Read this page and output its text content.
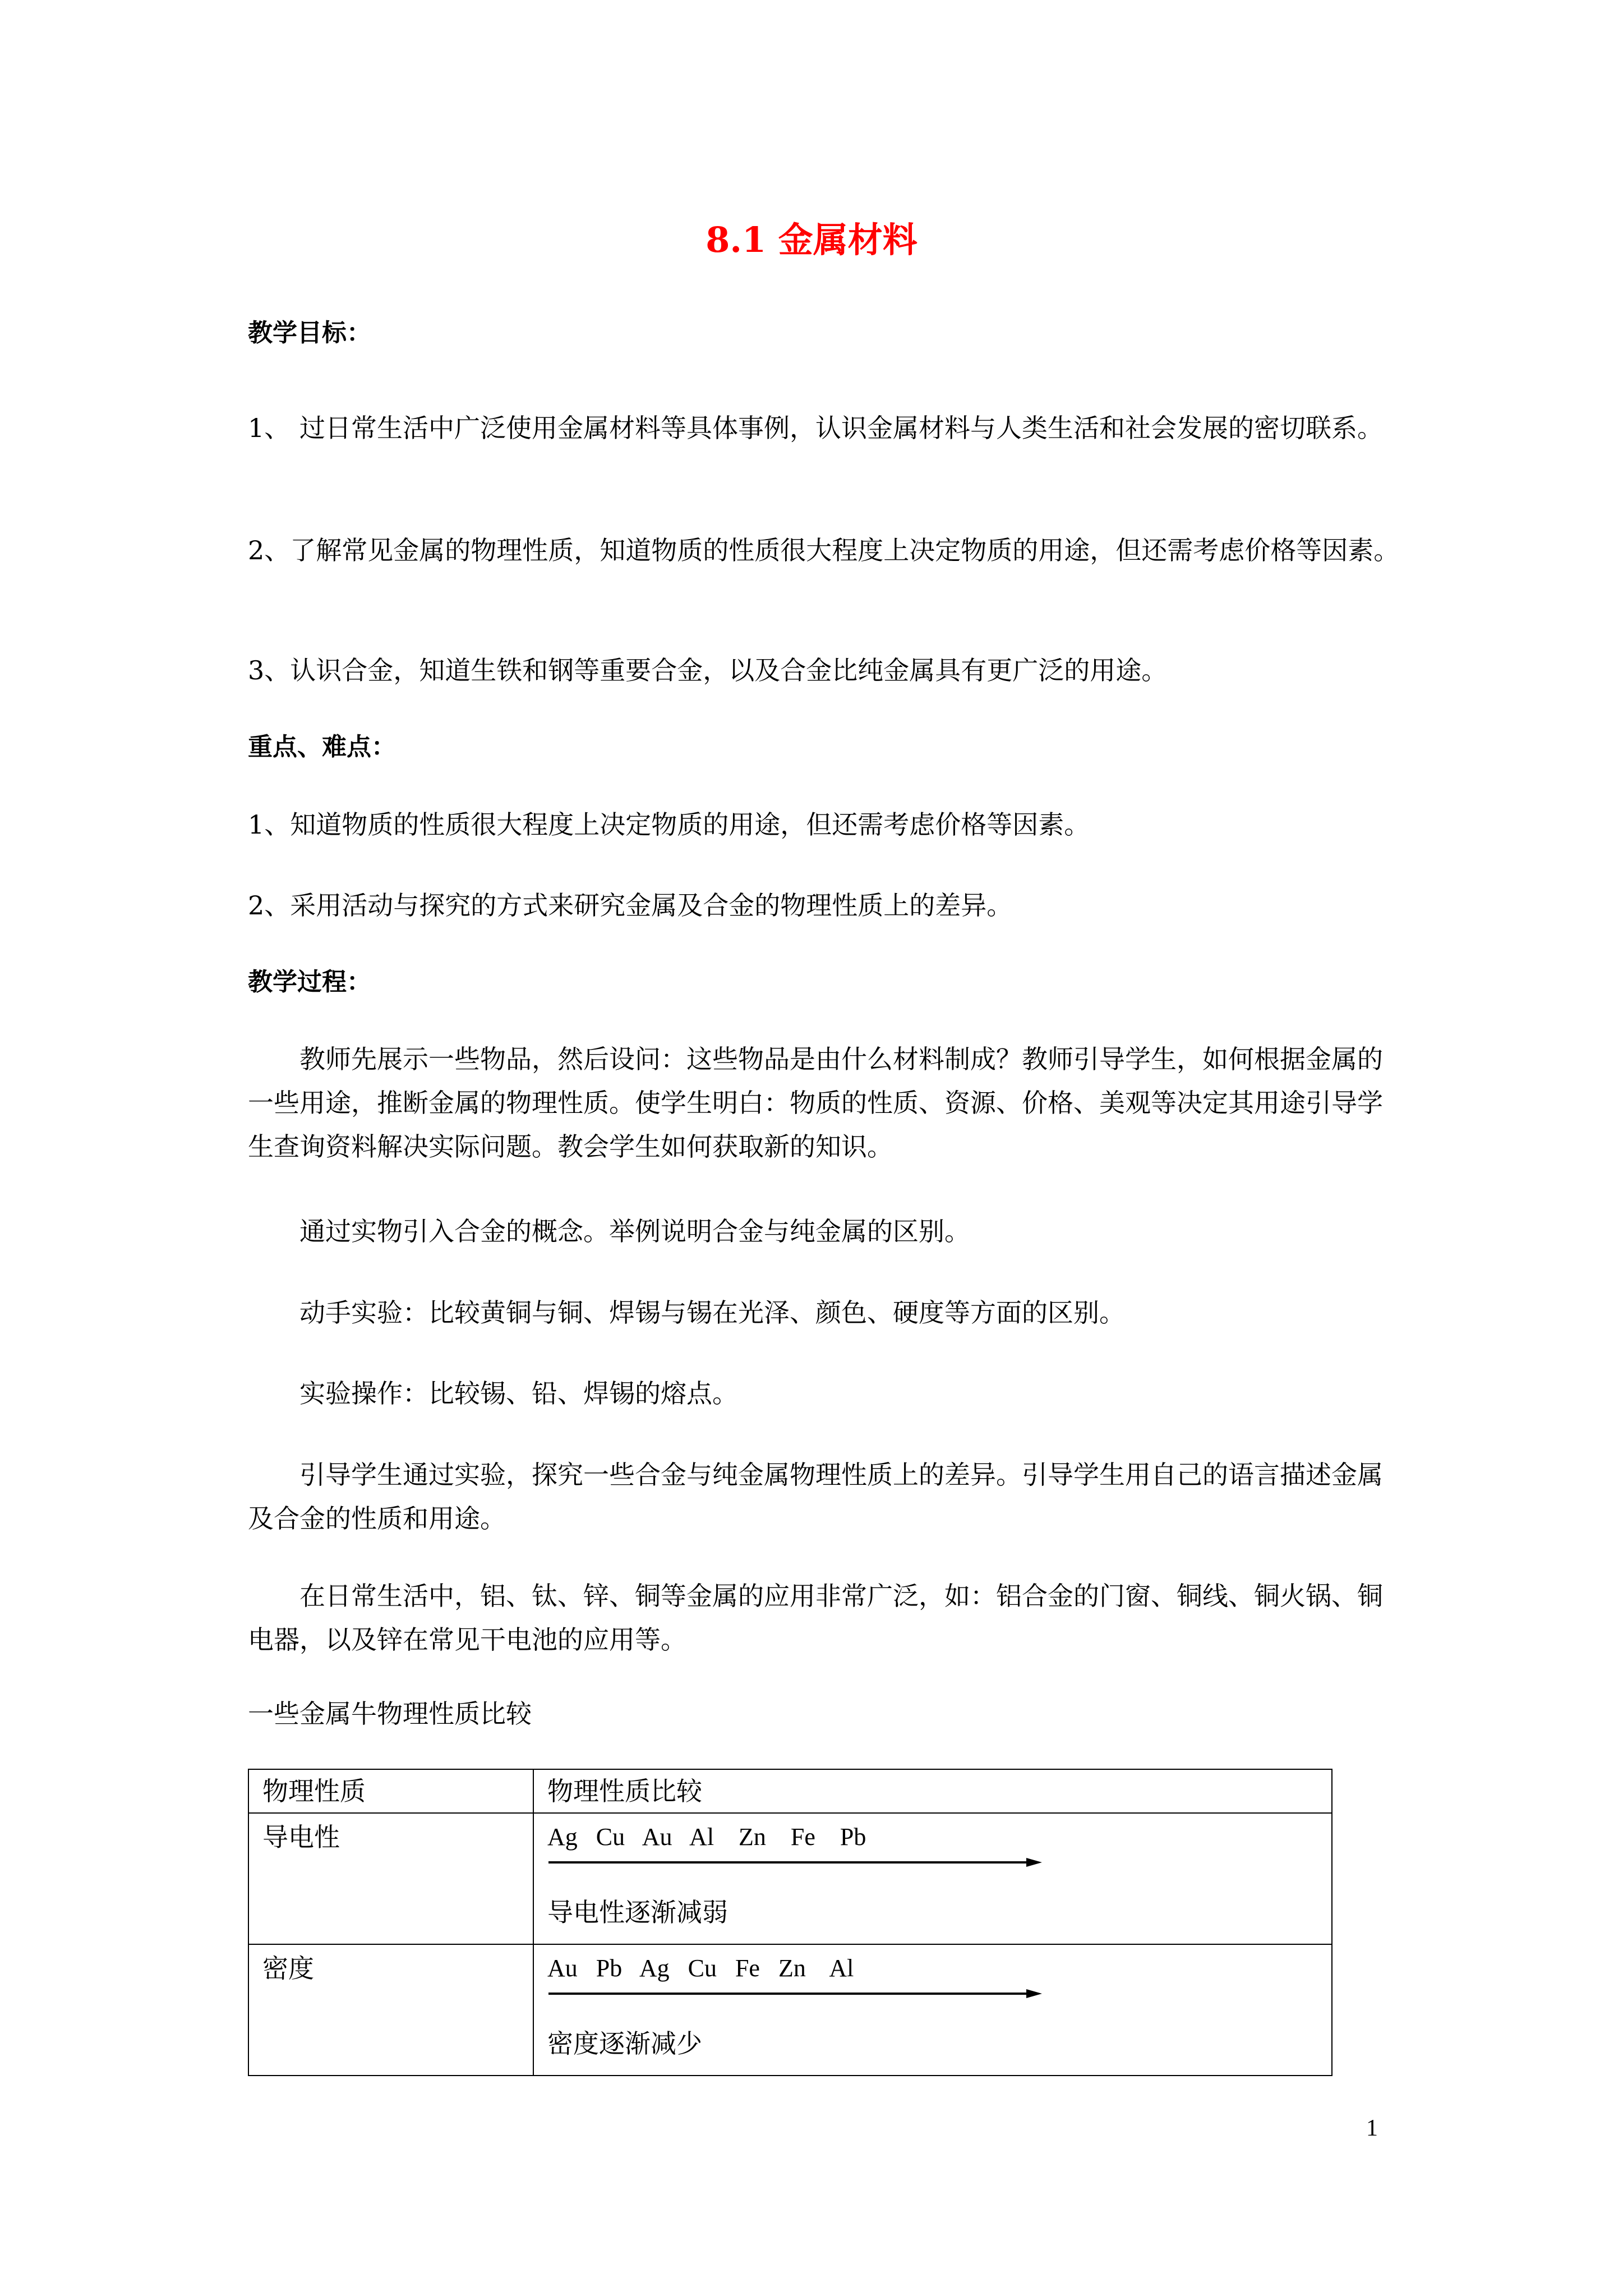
8.1 金属材料
教学目标：
1、 过日常生活中广泛使用金属材料等具体事例，认识金属材料与人类生活和社会发展的密切联系。
2、了解常见金属的物理性质，知道物质的性质很大程度上决定物质的用途，但还需考虑价格等因素。
3、认识合金，知道生铁和钢等重要合金，以及合金比纯金属具有更广泛的用途。
重点、难点：
1、知道物质的性质很大程度上决定物质的用途，但还需考虑价格等因素。
2、采用活动与探究的方式来研究金属及合金的物理性质上的差异。
教学过程：
教师先展示一些物品，然后设问：这些物品是由什么材料制成？教师引导学生，如何根据金属的一些用途，推断金属的物理性质。使学生明白：物质的性质、资源、价格、美观等决定其用途引导学生查询资料解决实际问题。教会学生如何获取新的知识。
通过实物引入合金的概念。举例说明合金与纯金属的区别。
动手实验：比较黄铜与铜、焊锡与锡在光泽、颜色、硬度等方面的区别。
实验操作：比较锡、铅、焊锡的熔点。
引导学生通过实验，探究一些合金与纯金属物理性质上的差异。引导学生用自己的语言描述金属及合金的性质和用途。
在日常生活中，铝、钛、锌、铜等金属的应用非常广泛，如：铝合金的门窗、铜线、铜火锅、铜电器，以及锌在常见干电池的应用等。
一些金属牛物理性质比较
物理性质	物理性质比较
导电性	Ag   Cu   Au   Al    Zn    Fe    Pb
导电性逐渐减弱

密度	Au   Pb   Ag   Cu   Fe   Zn    Al
密度逐渐减少
1
